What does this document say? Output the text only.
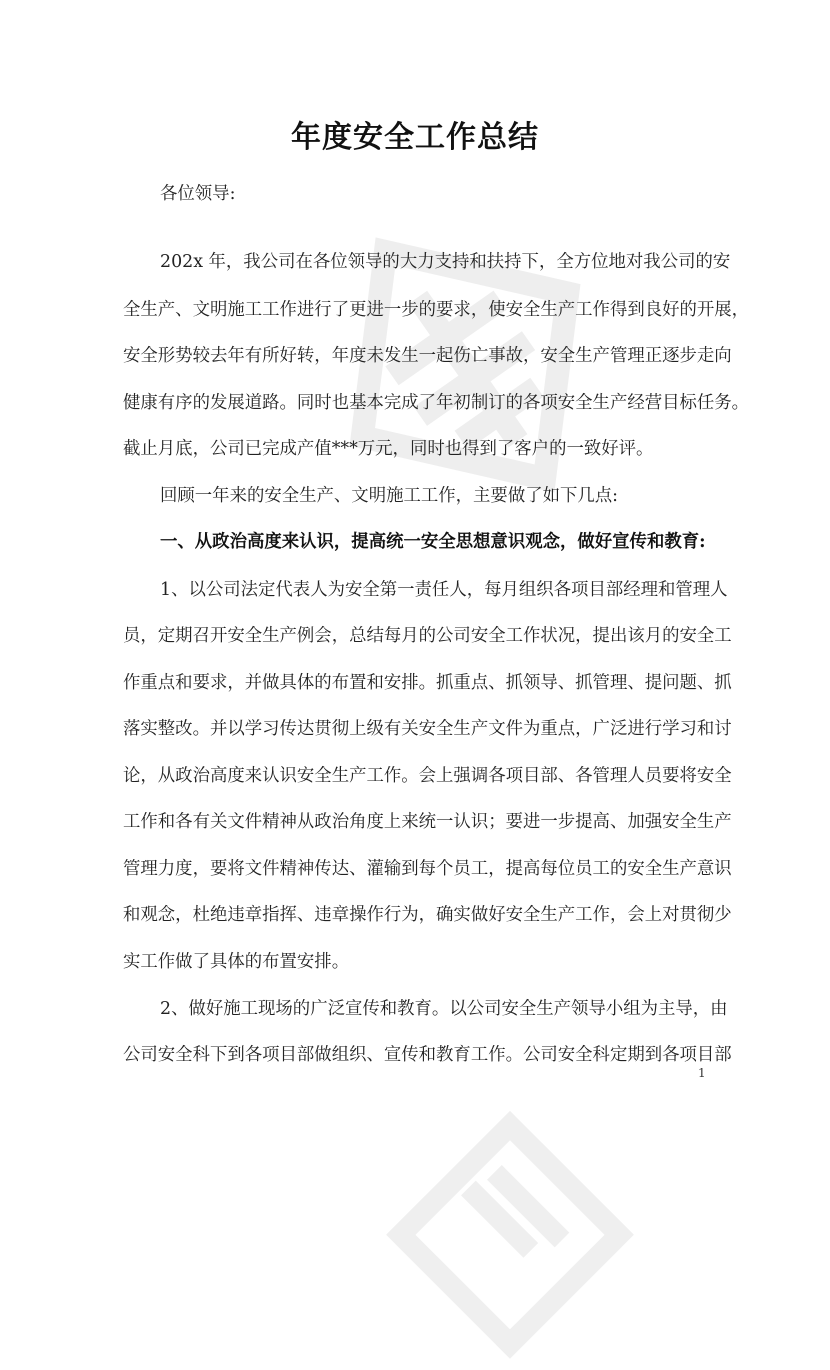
年度安全工作总结
各位领导:
202x 年，我公司在各位领导的大力支持和扶持下，全方位地对我公司的安
全生产、文明施工工作进行了更进一步的要求，使安全生产工作得到良好的开展，
安全形势较去年有所好转，年度未发生一起伤亡事故，安全生产管理正逐步走向
健康有序的发展道路。同时也基本完成了年初制订的各项安全生产经营目标任务。
截止月底，公司已完成产值***万元，同时也得到了客户的一致好评。
回顾一年来的安全生产、文明施工工作，主要做了如下几点:
一、从政治高度来认识，提高统一安全思想意识观念，做好宣传和教育:
1、以公司法定代表人为安全第一责任人，每月组织各项目部经理和管理人
员，定期召开安全生产例会，总结每月的公司安全工作状况，提出该月的安全工
作重点和要求，并做具体的布置和安排。抓重点、抓领导、抓管理、提问题、抓
落实整改。并以学习传达贯彻上级有关安全生产文件为重点，广泛进行学习和讨
论，从政治高度来认识安全生产工作。会上强调各项目部、各管理人员要将安全
工作和各有关文件精神从政治角度上来统一认识；要进一步提高、加强安全生产
管理力度，要将文件精神传达、灌输到每个员工，提高每位员工的安全生产意识
和观念，杜绝违章指挥、违章操作行为，确实做好安全生产工作，会上对贯彻少
实工作做了具体的布置安排。
2、做好施工现场的广泛宣传和教育。以公司安全生产领导小组为主导，由
公司安全科下到各项目部做组织、宣传和教育工作。公司安全科定期到各项目部
1
